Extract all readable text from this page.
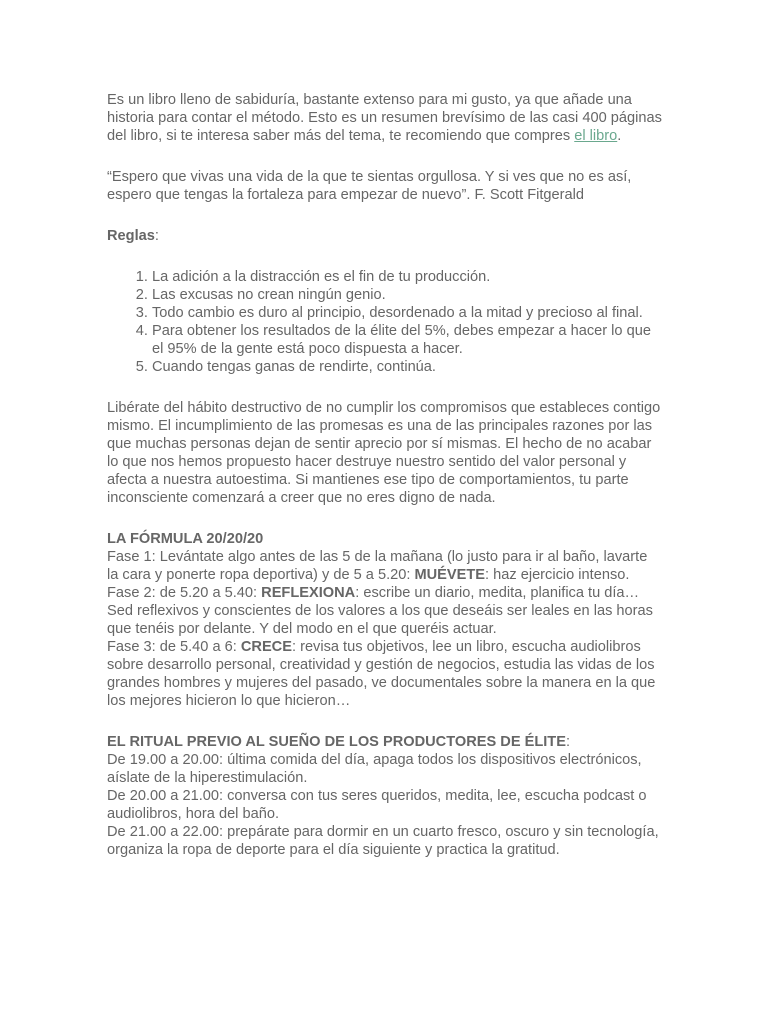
Es un libro lleno de sabiduría, bastante extenso para mi gusto, ya que añade una historia para contar el método. Esto es un resumen brevísimo de las casi 400 páginas del libro, si te interesa saber más del tema, te recomiendo que compres el libro.

“Espero que vivas una vida de la que te sientas orgullosa. Y si ves que no es así, espero que tengas la fortaleza para empezar de nuevo”. F. Scott Fitgerald

Reglas:

1. La adición a la distracción es el fin de tu producción.
2. Las excusas no crean ningún genio.
3. Todo cambio es duro al principio, desordenado a la mitad y precioso al final.
4. Para obtener los resultados de la élite del 5%, debes empezar a hacer lo que el 95% de la gente está poco dispuesta a hacer.
5. Cuando tengas ganas de rendirte, continúa.

Libérate del hábito destructivo de no cumplir los compromisos que estableces contigo mismo. El incumplimiento de las promesas es una de las principales razones por las que muchas personas dejan de sentir aprecio por sí mismas. El hecho de no acabar lo que nos hemos propuesto hacer destruye nuestro sentido del valor personal y afecta a nuestra autoestima. Si mantienes ese tipo de comportamientos, tu parte inconsciente comenzará a creer que no eres digno de nada.

LA FÓRMULA 20/20/20

Fase 1: Levántate algo antes de las 5 de la mañana (lo justo para ir al baño, lavarte la cara y ponerte ropa deportiva) y de 5 a 5.20: MUÉVETE: haz ejercicio intenso.

Fase 2: de 5.20 a 5.40: REFLEXIONA: escribe un diario, medita, planifica tu día… Sed reflexivos y conscientes de los valores a los que deseáis ser leales en las horas que tenéis por delante. Y del modo en el que queréis actuar.

Fase 3: de 5.40 a 6: CRECE: revisa tus objetivos, lee un libro, escucha audiolibros sobre desarrollo personal, creatividad y gestión de negocios, estudia las vidas de los grandes hombres y mujeres del pasado, ve documentales sobre la manera en la que los mejores hicieron lo que hicieron…

EL RITUAL PREVIO AL SUEÑO DE LOS PRODUCTORES DE ÉLITE:

De 19.00 a 20.00: última comida del día, apaga todos los dispositivos electrónicos, aíslate de la hiperestimulación.

De 20.00 a 21.00: conversa con tus seres queridos, medita, lee, escucha podcast o audiolibros, hora del baño.

De 21.00 a 22.00: prepárate para dormir en un cuarto fresco, oscuro y sin tecnología, organiza la ropa de deporte para el día siguiente y practica la gratitud.
